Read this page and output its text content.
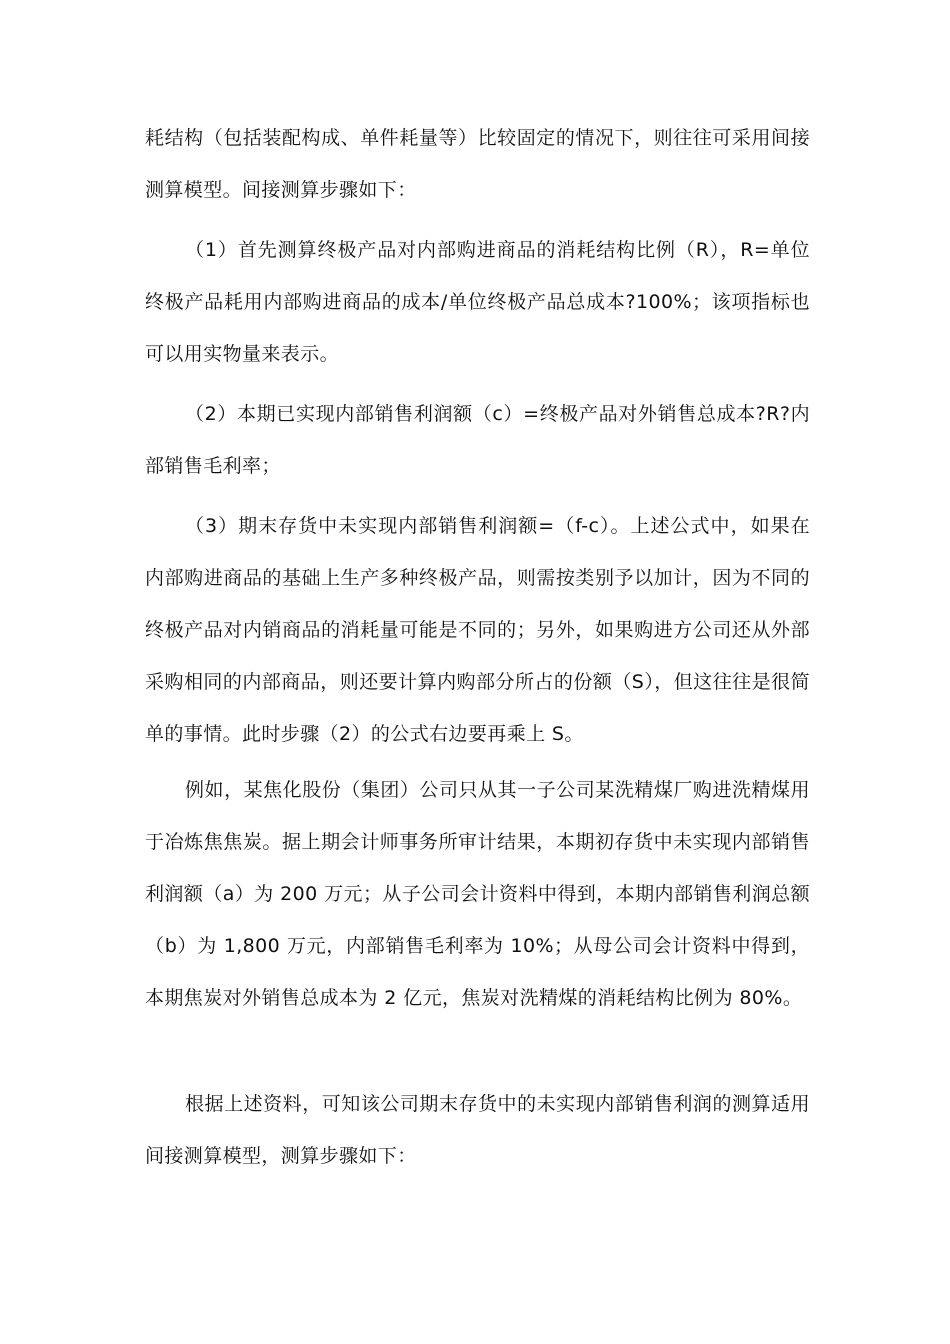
耗结构（包括装配构成、单件耗量等）比较固定的情况下，则往往可采用间接测算模型。间接测算步骤如下：

（1）首先测算终极产品对内部购进商品的消耗结构比例（R），R=单位终极产品耗用内部购进商品的成本/单位终极产品总成本?100%；该项指标也可以用实物量来表示。

（2）本期已实现内部销售利润额（c）=终极产品对外销售总成本?R?内部销售毛利率；

（3）期末存货中未实现内部销售利润额=（f-c）。上述公式中，如果在内部购进商品的基础上生产多种终极产品，则需按类别予以加计，因为不同的终极产品对内销商品的消耗量可能是不同的；另外，如果购进方公司还从外部采购相同的内部商品，则还要计算内购部分所占的份额（S），但这往往是很简单的事情。此时步骤（2）的公式右边要再乘上 S。

例如，某焦化股份（集团）公司只从其一子公司某洗精煤厂购进洗精煤用于冶炼焦焦炭。据上期会计师事务所审计结果，本期初存货中未实现内部销售利润额（a）为 200 万元；从子公司会计资料中得到，本期内部销售利润总额（b）为 1,800 万元，内部销售毛利率为 10%；从母公司会计资料中得到，本期焦炭对外销售总成本为 2 亿元，焦炭对洗精煤的消耗结构比例为 80%。

根据上述资料，可知该公司期末存货中的未实现内部销售利润的测算适用间接测算模型，测算步骤如下：
